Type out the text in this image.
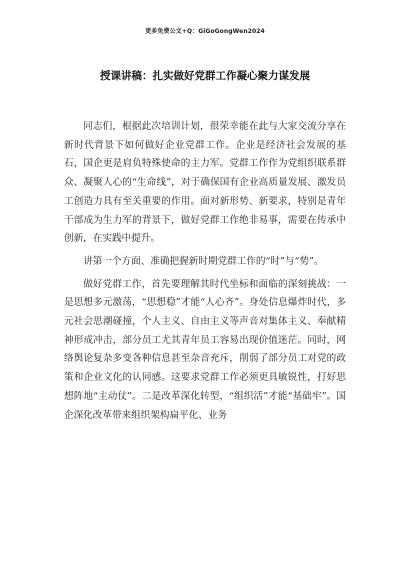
更多免费公文+Q：GiGoGongWen2024
授课讲稿：扎实做好党群工作凝心聚力谋发展

同志们，根据此次培训计划，很荣幸能在此与大家交流分享在新时代背景下如何做好企业党群工作。企业是经济社会发展的基石，国企更是肩负特殊使命的主力军。党群工作作为党组织联系群众、凝聚人心的“生命线”，对于确保国有企业高质量发展、激发员工创造力具有至关重要的作用。面对新形势、新要求，特别是青年干部成为生力军的背景下，做好党群工作绝非易事，需要在传承中创新，在实践中提升。

讲第一个方面、准确把握新时期党群工作的“时”与“势”。

做好党群工作，首先要理解其时代坐标和面临的深刻挑战：一是思想多元激荡，“思想稳”才能“人心齐”。身处信息爆炸时代，多元社会思潮碰撞，个人主义、自由主义等声音对集体主义、奉献精神形成冲击，部分员工尤其青年员工容易出现价值迷茫。同时，网络舆论复杂多变各种信息甚至杂音充斥，削弱了部分员工对党的政策和企业文化的认同感。这要求党群工作必须更具敏锐性，打好思想阵地“主动仗”。二是改革深化转型，“组织活”才能“基础牢”。国企深化改革带来组织架构扁平化、业务
